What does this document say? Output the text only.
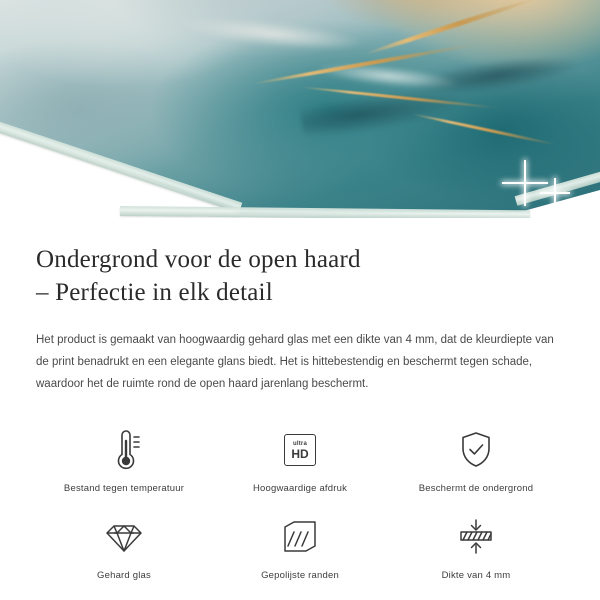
Ondergrond voor de open haard
– Perfectie in elk detail

Het product is gemaakt van hoogwaardig gehard glas met een dikte van 4 mm, dat de kleurdiepte van de print benadrukt en een elegante glans biedt. Het is hittebestendig en beschermt tegen schade, waardoor het de ruimte rond de open haard jarenlang beschermt.

Bestand tegen temperatuur
ultra
HD
Hoogwaardige afdruk	Beschermt de ondergrond
Gehard glas	Gepolijste randen	Dikte van 4 mm
